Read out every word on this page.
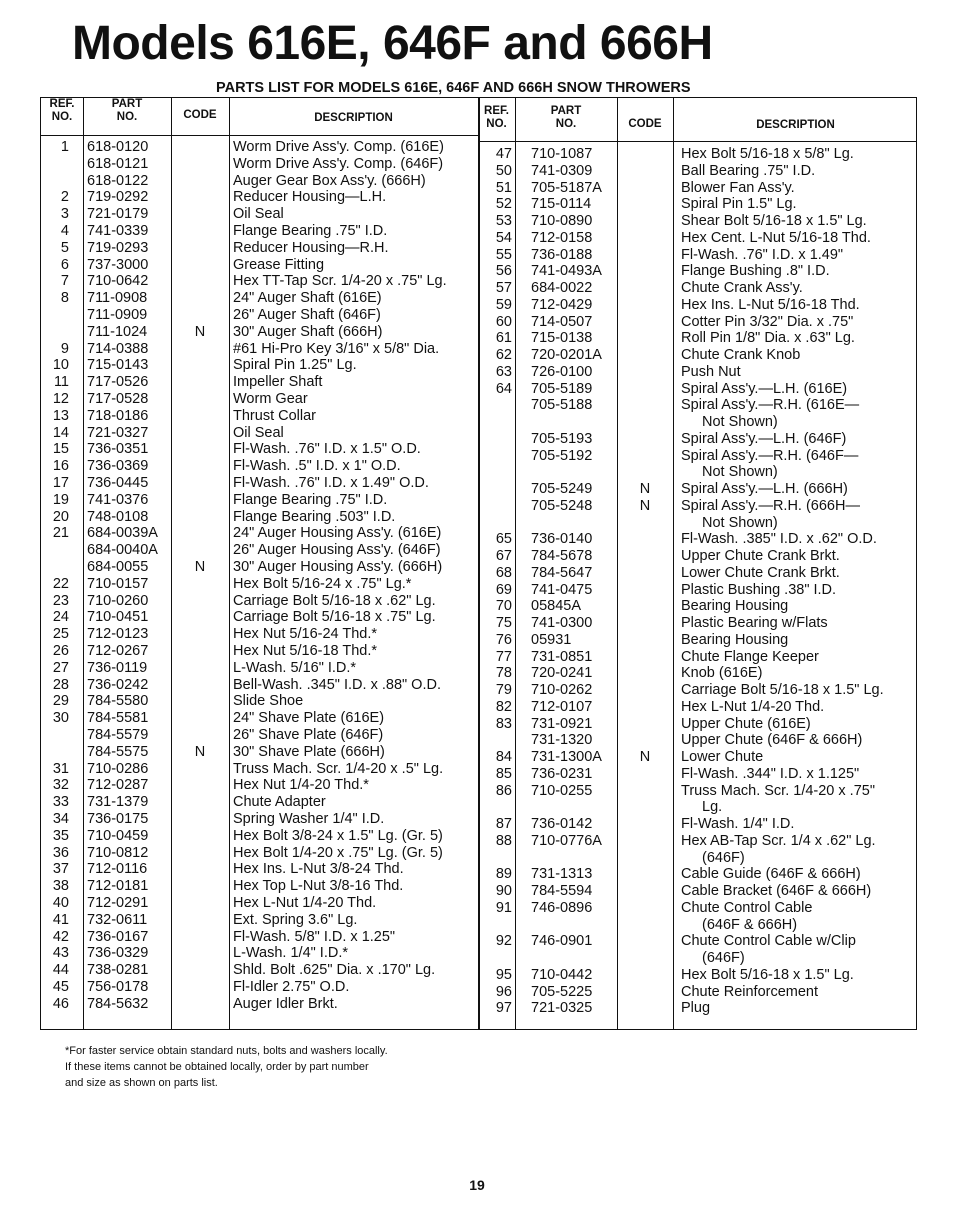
Models 616E, 646F and 666H
PARTS LIST FOR MODELS 616E, 646F AND 666H SNOW THROWERS
REF.
NO.
PART
NO.	CODE	DESCRIPTION
REF.
NO.
PART
NO.	CODE	DESCRIPTION
1 618-0120	Worm Drive Ass'y. Comp. (616E)
618-0121	Worm Drive Ass'y. Comp. (646F)
618-0122	Auger Gear Box Ass'y. (666H)
2 719-0292	Reducer Housing—L.H.
3 721-0179	Oil Seal
4 741-0339	Flange Bearing .75" I.D.
5 719-0293	Reducer Housing—R.H.
6 737-3000	Grease Fitting
7 710-0642	Hex TT-Tap Scr. 1/4-20 x .75" Lg.
8 711-0908	24" Auger Shaft (616E)
711-0909	26" Auger Shaft (646F)
711-1024	N	30" Auger Shaft (666H)
9 714-0388	#61 Hi-Pro Key 3/16" x 5/8" Dia.
10 715-0143	Spiral Pin 1.25" Lg.
11 717-0526	Impeller Shaft
12 717-0528	Worm Gear
13 718-0186	Thrust Collar
14 721-0327	Oil Seal
15 736-0351	Fl-Wash. .76" I.D. x 1.5" O.D.
16 736-0369	Fl-Wash. .5" I.D. x 1" O.D.
17 736-0445	Fl-Wash. .76" I.D. x 1.49" O.D.
19 741-0376	Flange Bearing .75" I.D.
20 748-0108	Flange Bearing .503" I.D.
21 684-0039A	24" Auger Housing Ass'y. (616E)
684-0040A	26" Auger Housing Ass'y. (646F)
684-0055	N	30" Auger Housing Ass'y. (666H)
22 710-0157	Hex Bolt 5/16-24 x .75" Lg.*
23 710-0260	Carriage Bolt 5/16-18 x .62" Lg.
24 710-0451	Carriage Bolt 5/16-18 x .75" Lg.
25 712-0123	Hex Nut 5/16-24 Thd.*
26 712-0267	Hex Nut 5/16-18 Thd.*
27 736-0119	L-Wash. 5/16" I.D.*
28 736-0242	Bell-Wash. .345" I.D. x .88" O.D.
29 784-5580	Slide Shoe
30 784-5581	24" Shave Plate (616E)
784-5579	26" Shave Plate (646F)
784-5575	N	30" Shave Plate (666H)
31 710-0286	Truss Mach. Scr. 1/4-20 x .5" Lg.
32 712-0287	Hex Nut 1/4-20 Thd.*
33 731-1379	Chute Adapter
34 736-0175	Spring Washer 1/4" I.D.
35 710-0459	Hex Bolt 3/8-24 x 1.5" Lg. (Gr. 5)
36 710-0812	Hex Bolt 1/4-20 x .75" Lg. (Gr. 5)
37 712-0116	Hex Ins. L-Nut 3/8-24 Thd.
38 712-0181	Hex Top L-Nut 3/8-16 Thd.
40 712-0291	Hex L-Nut 1/4-20 Thd.
41 732-0611	Ext. Spring 3.6" Lg.
42 736-0167	Fl-Wash. 5/8" I.D. x 1.25"
43 736-0329	L-Wash. 1/4" I.D.*
44 738-0281	Shld. Bolt .625" Dia. x .170" Lg.
45 756-0178	Fl-Idler 2.75" O.D.
46 784-5632	Auger Idler Brkt.
47 710-1087	Hex Bolt 5/16-18 x 5/8" Lg.
50 741-0309	Ball Bearing .75" I.D.
51 705-5187A	Blower Fan Ass'y.
52 715-0114	Spiral Pin 1.5" Lg.
53 710-0890	Shear Bolt 5/16-18 x 1.5" Lg.
54 712-0158	Hex Cent. L-Nut 5/16-18 Thd.
55 736-0188	Fl-Wash. .76" I.D. x 1.49"
56 741-0493A	Flange Bushing .8" I.D.
57 684-0022	Chute Crank Ass'y.
59 712-0429	Hex Ins. L-Nut 5/16-18 Thd.
60 714-0507	Cotter Pin 3/32" Dia. x .75"
61 715-0138	Roll Pin 1/8" Dia. x .63" Lg.
62 720-0201A	Chute Crank Knob
63 726-0100	Push Nut
64 705-5189	Spiral Ass'y.—L.H. (616E)
705-5188	Spiral Ass'y.—R.H. (616E—
Not Shown)
705-5193	Spiral Ass'y.—L.H. (646F)
705-5192	Spiral Ass'y.—R.H. (646F—
Not Shown)
705-5249	N	Spiral Ass'y.—L.H. (666H)
705-5248	N	Spiral Ass'y.—R.H. (666H—
Not Shown)
65 736-0140	Fl-Wash. .385" I.D. x .62" O.D.
67 784-5678	Upper Chute Crank Brkt.
68 784-5647	Lower Chute Crank Brkt.
69 741-0475	Plastic Bushing .38" I.D.
70 05845A	Bearing Housing
75 741-0300	Plastic Bearing w/Flats
76 05931	Bearing Housing
77 731-0851	Chute Flange Keeper
78 720-0241	Knob (616E)
79 710-0262	Carriage Bolt 5/16-18 x 1.5" Lg.
82 712-0107	Hex L-Nut 1/4-20 Thd.
83 731-0921	Upper Chute (616E)
731-1320	Upper Chute (646F & 666H)
84 731-1300A	N	Lower Chute
85 736-0231	Fl-Wash. .344" I.D. x 1.125"
86 710-0255	Truss Mach. Scr. 1/4-20 x .75"
Lg.
87 736-0142	Fl-Wash. 1/4" I.D.
88 710-0776A	Hex AB-Tap Scr. 1/4 x .62" Lg.
(646F)
89 731-1313	Cable Guide (646F & 666H)
90 784-5594	Cable Bracket (646F & 666H)
91 746-0896	Chute Control Cable
(646F & 666H)
92 746-0901	Chute Control Cable w/Clip
(646F)
95 710-0442	Hex Bolt 5/16-18 x 1.5" Lg.
96 705-5225	Chute Reinforcement
97 721-0325	Plug
*For faster service obtain standard nuts, bolts and washers locally.
If these items cannot be obtained locally, order by part number
and size as shown on parts list.
19
